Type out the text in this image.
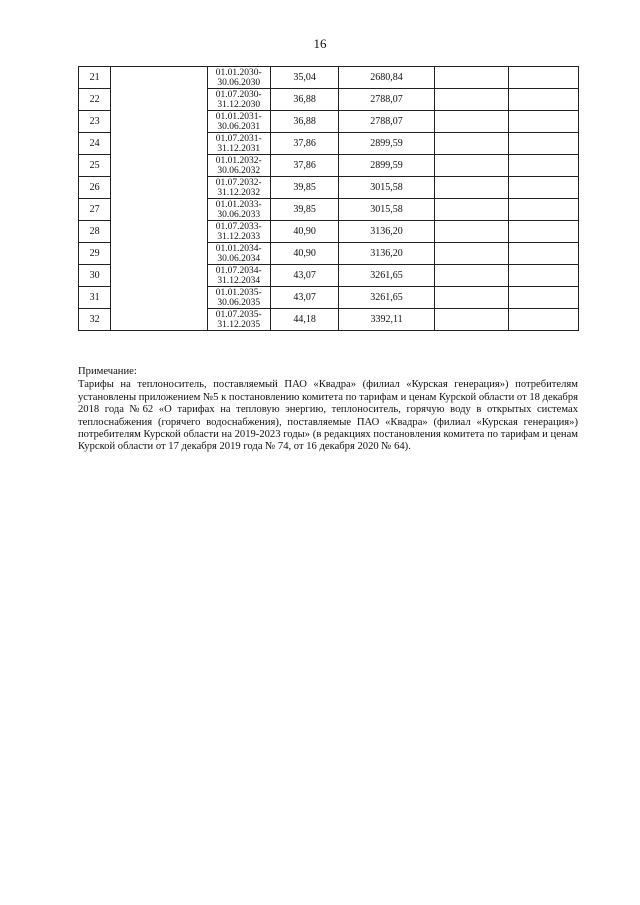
16
21		01.01.2030-
30.06.2030	35,04	2680,84		
22		01.07.2030-
31.12.2030	36,88	2788,07		
23		01.01.2031-
30.06.2031	36,88	2788,07		
24		01.07.2031-
31.12.2031	37,86	2899,59		
25		01.01.2032-
30.06.2032	37,86	2899,59		
26		01.07.2032-
31.12.2032	39,85	3015,58		
27		01.01.2033-
30.06.2033	39,85	3015,58		
28		01.07.2033-
31.12.2033	40,90	3136,20		
29		01.01.2034-
30.06.2034	40,90	3136,20		
30		01.07.2034-
31.12.2034	43,07	3261,65		
31		01.01.2035-
30.06.2035	43,07	3261,65		
32		01.07.2035-
31.12.2035	44,18	3392,11		
Примечание:

Тарифы на теплоноситель, поставляемый ПАО «Квадра» (филиал «Курская генерация») потребителям установлены приложением №5 к постановлению комитета по тарифам и ценам Курской области от 18 декабря 2018 года №62 «О тарифах на тепловую энергию, теплоноситель, горячую воду в открытых системах теплоснабжения (горячего водоснабжения), поставляемые ПАО «Квадра» (филиал «Курская генерация») потребителям Курской области на 2019-2023 годы» (в редакциях постановления комитета по тарифам и ценам Курской области от 17 декабря 2019 года № 74, от 16 декабря 2020 № 64).
